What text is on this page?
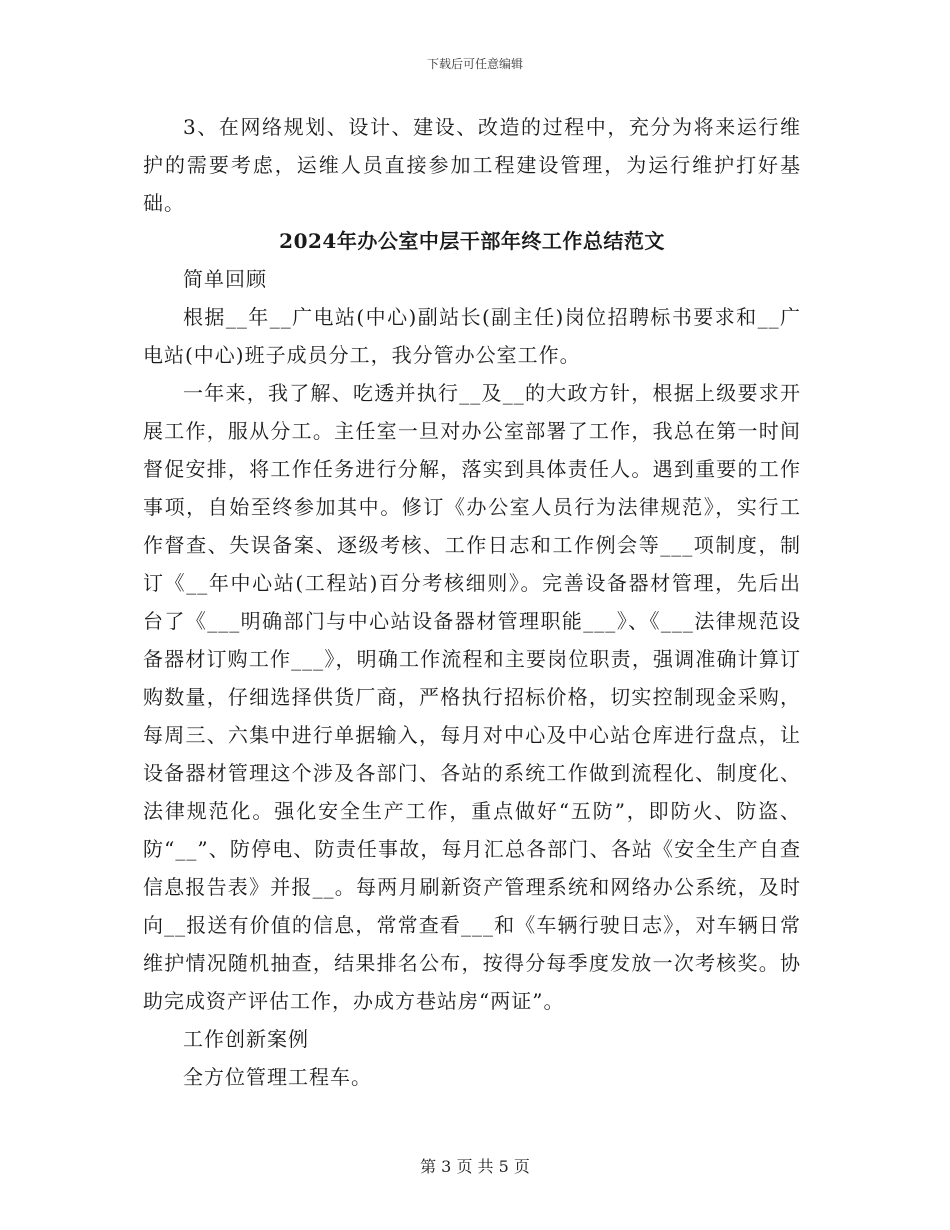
下载后可任意编辑

3、在网络规划、设计、建设、改造的过程中，充分为将来运行维护的需要考虑，运维人员直接参加工程建设管理，为运行维护打好基础。

2024年办公室中层干部年终工作总结范文

简单回顾

根据__年__广电站(中心)副站长(副主任)岗位招聘标书要求和__广电站(中心)班子成员分工，我分管办公室工作。

一年来，我了解、吃透并执行__及__的大政方针，根据上级要求开展工作，服从分工。主任室一旦对办公室部署了工作，我总在第一时间督促安排，将工作任务进行分解，落实到具体责任人。遇到重要的工作事项，自始至终参加其中。修订《办公室人员行为法律规范》，实行工作督查、失误备案、逐级考核、工作日志和工作例会等___项制度，制订《__年中心站(工程站)百分考核细则》。完善设备器材管理，先后出台了《___明确部门与中心站设备器材管理职能___》、《___法律规范设备器材订购工作___》，明确工作流程和主要岗位职责，强调准确计算订购数量，仔细选择供货厂商，严格执行招标价格，切实控制现金采购，每周三、六集中进行单据输入，每月对中心及中心站仓库进行盘点，让设备器材管理这个涉及各部门、各站的系统工作做到流程化、制度化、法律规范化。强化安全生产工作，重点做好“五防”，即防火、防盗、防“__”、防停电、防责任事故，每月汇总各部门、各站《安全生产自查信息报告表》并报__。每两月刷新资产管理系统和网络办公系统，及时向__报送有价值的信息，常常查看___和《车辆行驶日志》，对车辆日常维护情况随机抽查，结果排名公布，按得分每季度发放一次考核奖。协助完成资产评估工作，办成方巷站房“两证”。

工作创新案例

全方位管理工程车。

第 3 页 共 5 页
